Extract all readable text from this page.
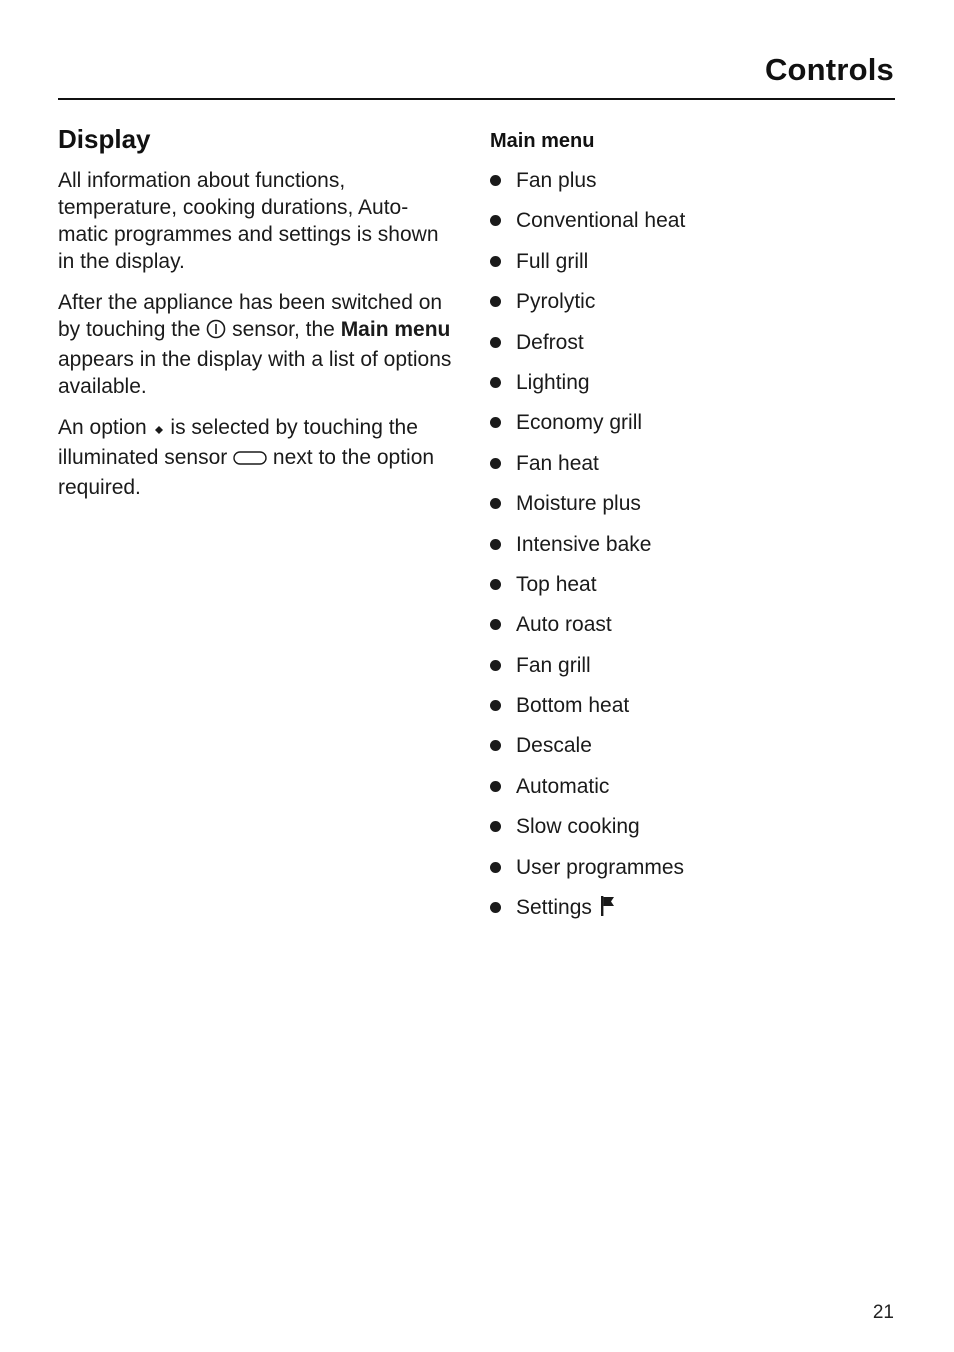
Controls
Display

All information about functions, temperature, cooking durations, Auto-matic programmes and settings is shown in the display.

After the appliance has been switched on by touching the  sensor, the Main menu appears in the display with a list of options available.

An option  is selected by touching the illuminated sensor  next to the option required.

Main menu
Fan plus
Conventional heat
Full grill
Pyrolytic
Defrost
Lighting
Economy grill
Fan heat
Moisture plus
Intensive bake
Top heat
Auto roast
Fan grill
Bottom heat
Descale
Automatic
Slow cooking
User programmes
Settings
21
